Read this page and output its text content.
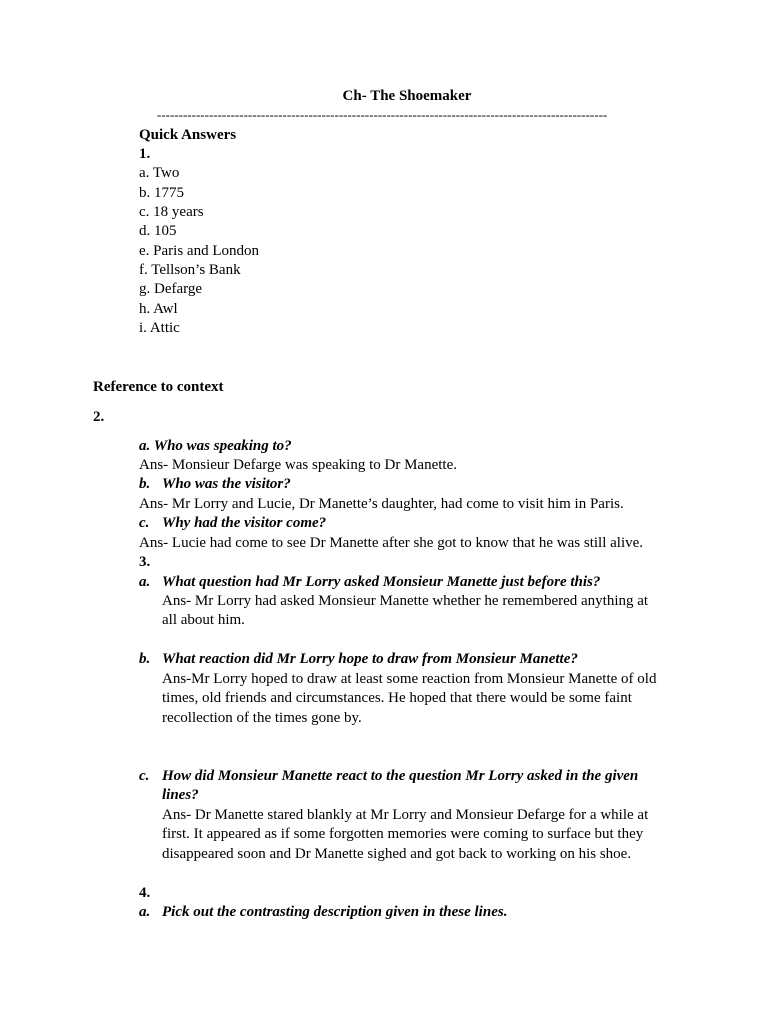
Ch- The Shoemaker
--------------------------------------------------------------------------------------------------------
Quick Answers
1.
a. Two
b. 1775
c. 18 years
d. 105
e. Paris and London
f. Tellson’s Bank
g. Defarge
h. Awl
i. Attic
Reference to context
2.
a. Who was speaking to?
Ans- Monsieur Defarge was speaking to Dr Manette.
b. Who was the visitor?
Ans- Mr Lorry and Lucie, Dr Manette’s daughter, had come to visit him in Paris.
c. Why had the visitor come?
Ans- Lucie had come to see Dr Manette after she got to know that he was still alive.
3.
a. What question had Mr Lorry asked Monsieur Manette just before this?
Ans- Mr Lorry had asked Monsieur Manette whether he remembered anything at
all about him.
b. What reaction did Mr Lorry hope to draw from Monsieur Manette?
Ans-Mr Lorry hoped to draw at least some reaction from Monsieur Manette of old
times, old friends and circumstances. He hoped that there would be some faint
recollection of the times gone by.
c. How did Monsieur Manette react to the question Mr Lorry asked in the given
lines?
Ans- Dr Manette stared blankly at Mr Lorry and Monsieur Defarge for a while at
first. It appeared as if some forgotten memories were coming to surface but they
disappeared soon and Dr Manette sighed and got back to working on his shoe.
4.
a. Pick out the contrasting description given in these lines.
